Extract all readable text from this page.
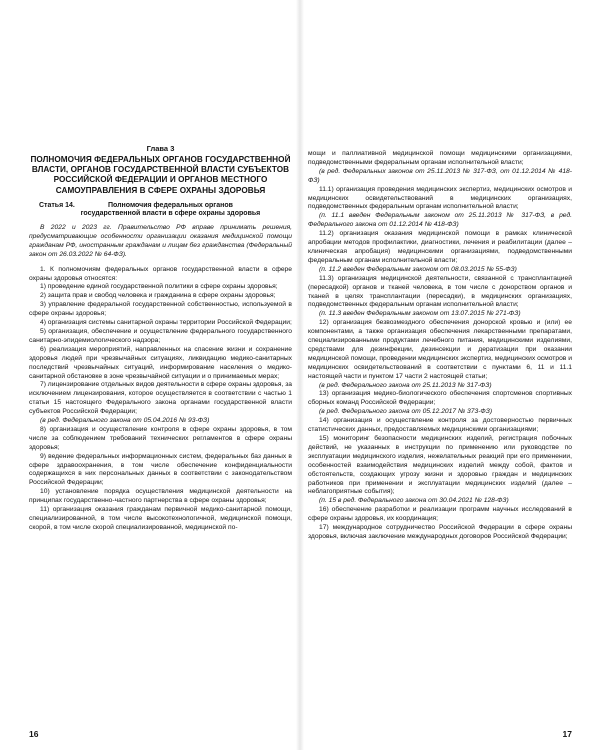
Глава 3
ПОЛНОМОЧИЯ ФЕДЕРАЛЬНЫХ ОРГАНОВ ГОСУДАРСТВЕННОЙ ВЛАСТИ, ОРГАНОВ ГОСУДАРСТВЕННОЙ ВЛАСТИ СУБЪЕКТОВ РОССИЙСКОЙ ФЕДЕРАЦИИ И ОРГАНОВ МЕСТНОГО САМОУПРАВЛЕНИЯ В СФЕРЕ ОХРАНЫ ЗДОРОВЬЯ
Статья 14.	Полномочия федеральных органов государственной власти в сфере охраны здоровья

В 2022 и 2023 гг. Правительство РФ вправе принимать решения, предусматривающие особенности организации оказания медицинской помощи гражданам РФ, иностранным гражданам и лицам без гражданства (Федеральный закон от 26.03.2022 № 64-ФЗ).

1. К полномочиям федеральных органов государственной власти в сфере охраны здоровья относятся:

1) проведение единой государственной политики в сфере охраны здоровья;

2) защита прав и свобод человека и гражданина в сфере охраны здоровья;

3) управление федеральной государственной собственностью, используемой в сфере охраны здоровья;

4) организация системы санитарной охраны территории Российской Федерации;

5) организация, обеспечение и осуществление федерального государственного санитарно-эпидемиологического надзора;

6) реализация мероприятий, направленных на спасение жизни и сохранение здоровья людей при чрезвычайных ситуациях, ликвидацию медико-санитарных последствий чрезвычайных ситуаций, информирование населения о медико-санитарной обстановке в зоне чрезвычайной ситуации и о принимаемых мерах;

7) лицензирование отдельных видов деятельности в сфере охраны здоровья, за исключением лицензирования, которое осуществляется в соответствии с частью 1 статьи 15 настоящего Федерального закона органами государственной власти субъектов Российской Федерации;

(в ред. Федерального закона от 05.04.2016 № 93-ФЗ)

8) организация и осуществление контроля в сфере охраны здоровья, в том числе за соблюдением требований технических регламентов в сфере охраны здоровья;

9) ведение федеральных информационных систем, федеральных баз данных в сфере здравоохранения, в том числе обеспечение конфиденциальности содержащихся в них персональных данных в соответствии с законодательством Российской Федерации;

10) установление порядка осуществления медицинской деятельности на принципах государственно-частного партнерства в сфере охраны здоровья;

11) организация оказания гражданам первичной медико-санитарной помощи, специализированной, в том числе высокотехнологичной, медицинской помощи, скорой, в том числе скорой специализированной, медицинской по-

16

мощи и паллиативной медицинской помощи медицинскими организациями, подведомственными федеральным органам исполнительной власти;

(в ред. Федеральных законов от 25.11.2013 № 317-ФЗ, от 01.12.2014 № 418-ФЗ)

11.1) организация проведения медицинских экспертиз, медицинских осмотров и медицинских освидетельствований в медицинских организациях, подведомственных федеральным органам исполнительной власти;

(п. 11.1 введен Федеральным законом от 25.11.2013 № 317-ФЗ, в ред. Федерального закона от 01.12.2014 № 418-ФЗ)

11.2) организация оказания медицинской помощи в рамках клинической апробации методов профилактики, диагностики, лечения и реабилитации (далее – клиническая апробация) медицинскими организациями, подведомственными федеральным органам исполнительной власти;

(п. 11.2 введен Федеральным законом от 08.03.2015 № 55-ФЗ)

11.3) организация медицинской деятельности, связанной с трансплантацией (пересадкой) органов и тканей человека, в том числе с донорством органов и тканей в целях трансплантации (пересадки), в медицинских организациях, подведомственных федеральным органам исполнительной власти;

(п. 11.3 введен Федеральным законом от 13.07.2015 № 271-ФЗ)

12) организация безвозмездного обеспечения донорской кровью и (или) ее компонентами, а также организация обеспечения лекарственными препаратами, специализированными продуктами лечебного питания, медицинскими изделиями, средствами для дезинфекции, дезинсекции и дератизации при оказании медицинской помощи, проведении медицинских экспертиз, медицинских осмотров и медицинских освидетельствований в соответствии с пунктами 6, 11 и 11.1 настоящей части и пунктом 17 части 2 настоящей статьи;

(в ред. Федерального закона от 25.11.2013 № 317-ФЗ)

13) организация медико-биологического обеспечения спортсменов спортивных сборных команд Российской Федерации;

(в ред. Федерального закона от 05.12.2017 № 373-ФЗ)

14) организация и осуществление контроля за достоверностью первичных статистических данных, предоставляемых медицинскими организациями;

15) мониторинг безопасности медицинских изделий, регистрация побочных действий, не указанных в инструкции по применению или руководстве по эксплуатации медицинского изделия, нежелательных реакций при его применении, особенностей взаимодействия медицинских изделий между собой, фактов и обстоятельств, создающих угрозу жизни и здоровью граждан и медицинских работников при применении и эксплуатации медицинских изделий (далее – неблагоприятные события);

(п. 15 в ред. Федерального закона от 30.04.2021 № 128-ФЗ)

16) обеспечение разработки и реализации программ научных исследований в сфере охраны здоровья, их координация;

17) международное сотрудничество Российской Федерации в сфере охраны здоровья, включая заключение международных договоров Российской Федерации;

17
